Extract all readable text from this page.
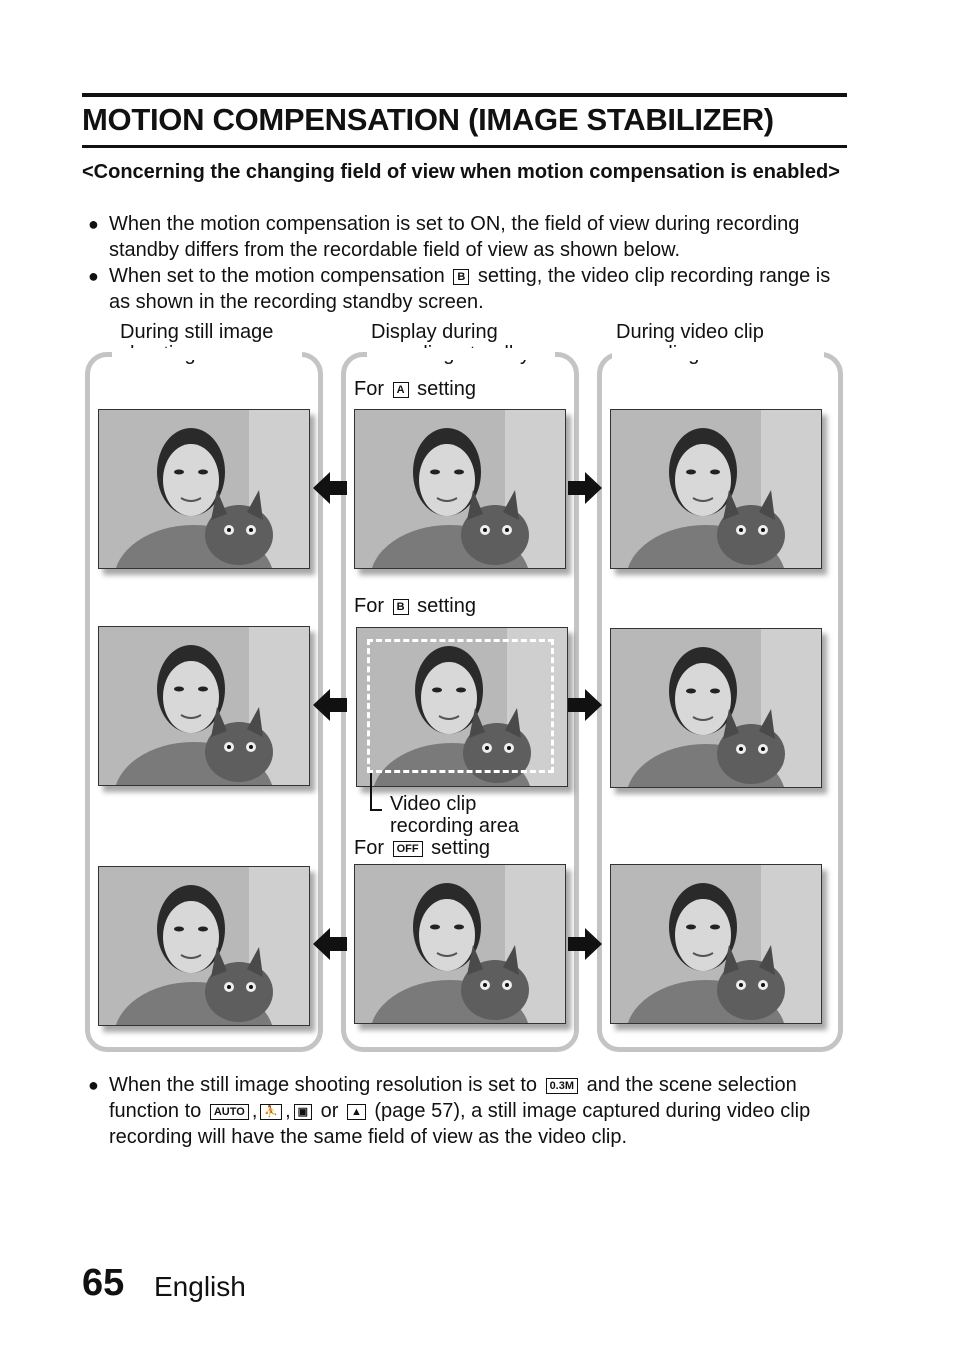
MOTION COMPENSATION (IMAGE STABILIZER)
<Concerning the changing field of view when motion compensation is enabled>
● When the motion compensation is set to ON, the field of view during recording standby differs from the recordable field of view as shown below.
● When set to the motion compensation B setting, the video clip recording range is as shown in the recording standby screen.
During still image	Display during	During video clip
For A setting
For B setting
For OFF setting
Video clip
recording area
● When the still image shooting resolution is set to 0.3M and the scene selection function to AUTO , ⛹ , ▣ or ▲ (page 57), a still image captured during video clip recording will have the same field of view as the video clip.
65 English
